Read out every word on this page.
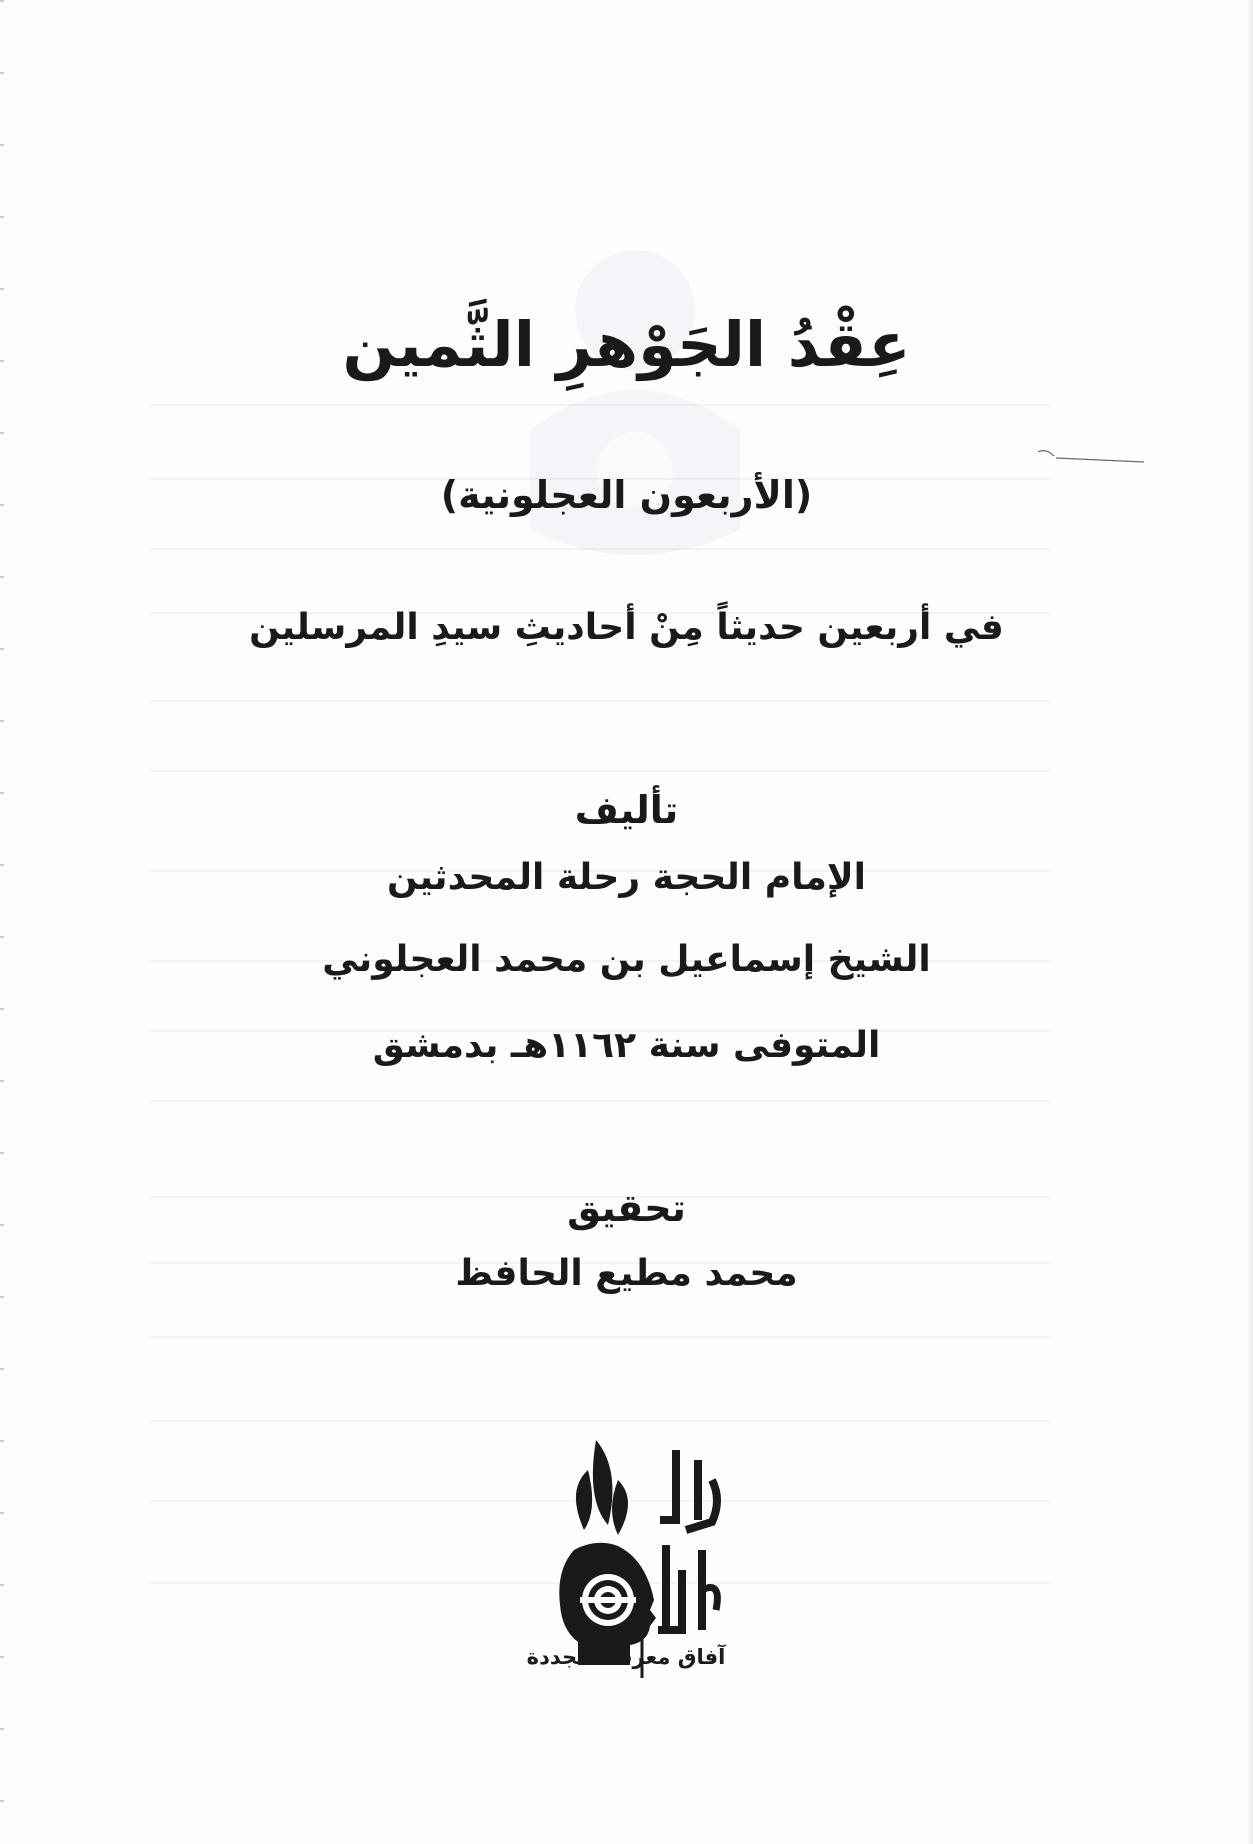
عِقْدُ الجَوْهرِ الثَّمين
(الأربعون العجلونية)
في أربعين حديثاً مِنْ أحاديثِ سيدِ المرسلين
تأليف
الإمام الحجة رحلة المحدثين
الشيخ إسماعيل بن محمد العجلوني
المتوفى سنة ١١٦٢هـ بدمشق
تحقيق
محمد مطيع الحافظ
آفاق معرفة متجددة
